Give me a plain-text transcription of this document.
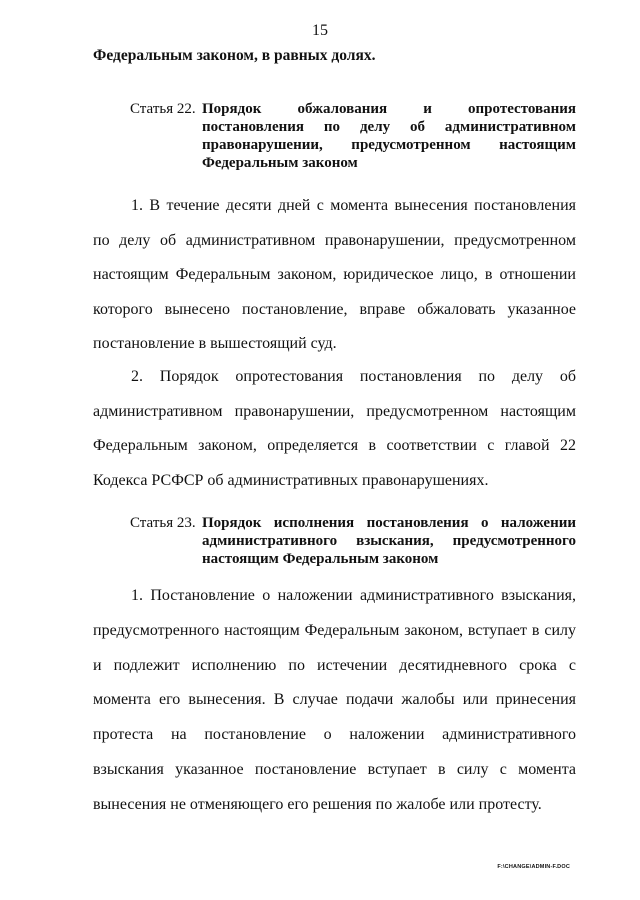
15
Федеральным законом, в равных долях.
Статья 22. Порядок обжалования и опротестования постановления по делу об административном правонарушении, предусмотренном настоящим Федеральным законом
1. В течение десяти дней с момента вынесения постановления по делу об административном правонарушении, предусмотренном настоящим Федеральным законом, юридическое лицо, в отношении которого вынесено постановление, вправе обжаловать указанное постановление в вышестоящий суд.
2. Порядок опротестования постановления по делу об административном правонарушении, предусмотренном настоящим Федеральным законом, определяется в соответствии с главой 22 Кодекса РСФСР об административных правонарушениях.
Статья 23. Порядок исполнения постановления о наложении административного взыскания, предусмотренного настоящим Федеральным законом
1. Постановление о наложении административного взыскания, предусмотренного настоящим Федеральным законом, вступает в силу и подлежит исполнению по истечении десятидневного срока с момента его вынесения. В случае подачи жалобы или принесения протеста на постановление о наложении административного взыскания указанное постановление вступает в силу с момента вынесения не отменяющего его решения по жалобе или протесту.
F:\CHANGE\ADMIN-F.DOC
